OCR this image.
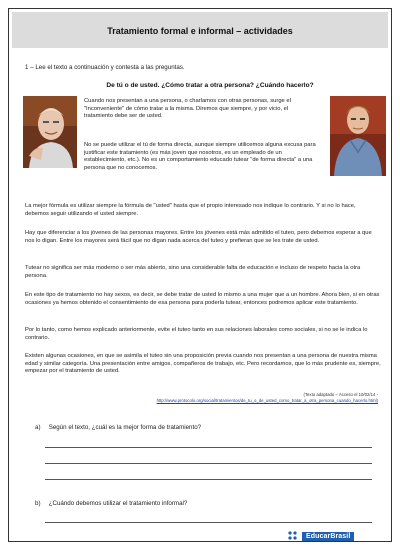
Tratamiento formal e informal – actividades
1 – Lee el texto a continuación y contesta a las preguntas.
De tú o de usted. ¿Cómo tratar a otra persona? ¿Cuándo hacerlo?

Cuando nos presentan a una persona, o charlamos con otras personas, surge el "Inconveniente" de cómo tratar a la misma. Diremos que siempre, y por vicio, el tratamiento debe ser de usted.

No se puede utilizar el tú de forma directa, aunque siempre utilicemos alguna excusa para justificar este tratamiento (es más joven que nosotros, es un empleado de un establecimiento, etc.). No es un comportamiento educado tutear "de forma directa" a una persona que no conocemos.

La mejor fórmula es utilizar siempre la fórmula de "usted" hasta que el propio interesado nos indique lo contrario. Y si no lo hace, debemos seguir utilizando el usted siempre.

Hay que diferenciar a los jóvenes de las personas mayores. Entre los jóvenes está más admitido el tuteo, pero debemos esperar a que nos lo digan. Entre los mayores será fácil que no digan nada acerca del tuteo y prefieran que se les trate de usted.

Tutear no significa ser más moderno o ser más abierto, sino una considerable falta de educación e incluso de respeto hacia la otra persona.

En este tipo de tratamiento no hay sexos, es decir, se debe tratar de usted lo mismo a una mujer que a un hombre. Ahora bien, si en otras ocasiones ya hemos obtenido el consentimiento de esa persona para poderla tutear, entonces podremos aplicar este tratamiento.

Por lo tanto, como hemos explicado anteriormente, evite el tuteo tanto en sus relaciones laborales como sociales, si no se le indica lo contrario.

Existen algunas ocasiones, en que se asimila el tuteo sin una proposición previa cuando nos presentan a una persona de nuestra misma edad y similar categoría. Una presentación entre amigos, compañeros de trabajo, etc. Pero recordamos, que lo más prudente es, siempre, empezar por el tratamiento de usted.

(Texto adaptado – Acceso el 10/02/14 -
http://www.protocolo.org/social/tratamientos/de_tu_o_de_usted_como_tratar_a_otra_persona_cuando_hacerlo.html)
a) Según el texto, ¿cuál es la mejor forma de tratamiento?
b) ¿Cuándo debemos utilizar el tratamiento informal?
EducarBrasil
